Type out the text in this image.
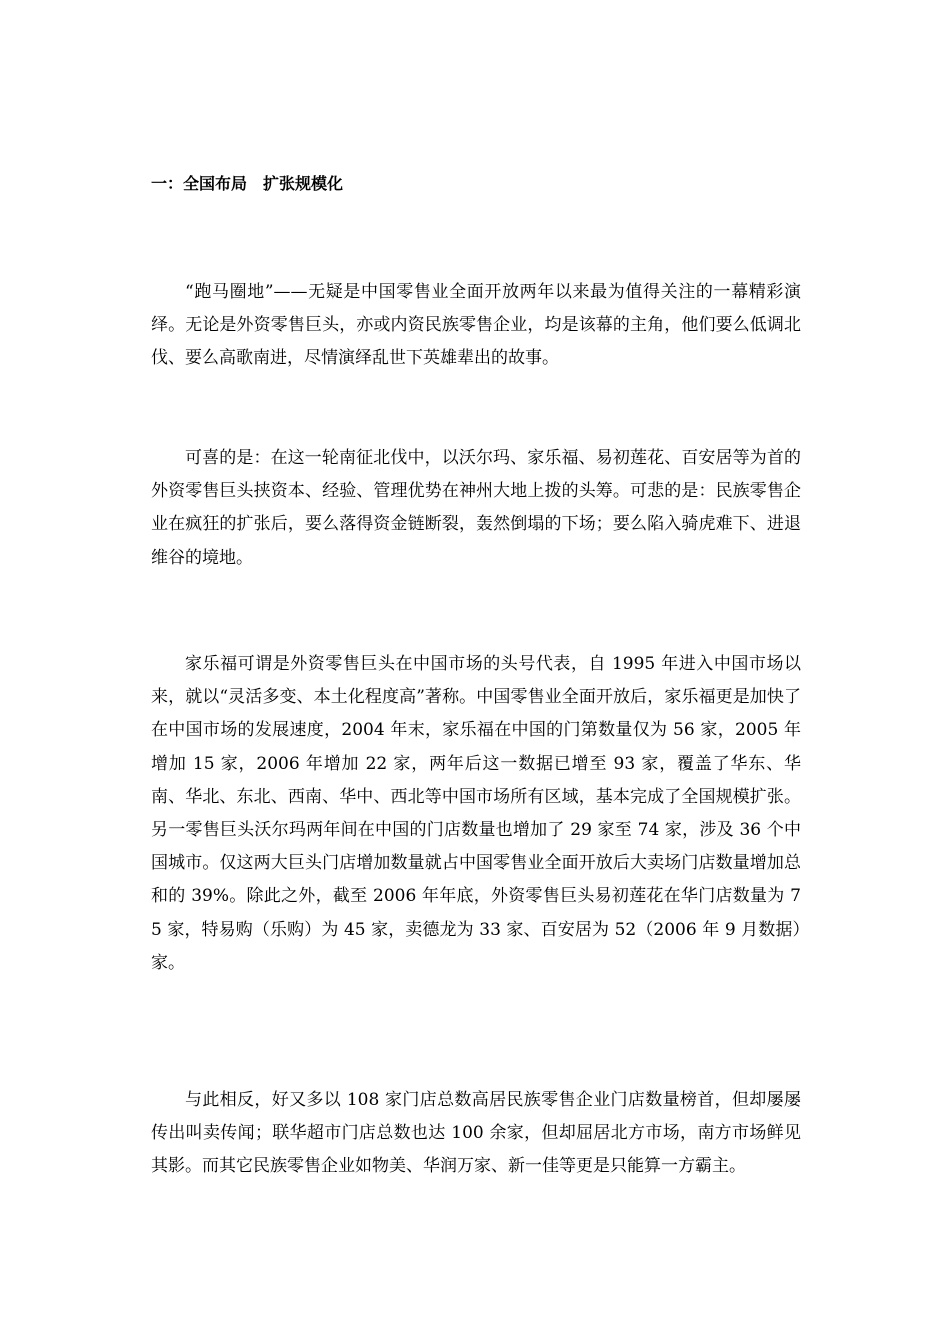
一：全国布局　扩张规模化

“跑马圈地”——无疑是中国零售业全面开放两年以来最为值得关注的一幕精彩演绎。无论是外资零售巨头，亦或内资民族零售企业，均是该幕的主角，他们要么低调北伐、要么高歌南进，尽情演绎乱世下英雄辈出的故事。

可喜的是：在这一轮南征北伐中，以沃尔玛、家乐福、易初莲花、百安居等为首的外资零售巨头挟资本、经验、管理优势在神州大地上拨的头筹。可悲的是：民族零售企业在疯狂的扩张后，要么落得资金链断裂，轰然倒塌的下场；要么陷入骑虎难下、进退维谷的境地。

家乐福可谓是外资零售巨头在中国市场的头号代表，自 1995 年进入中国市场以来，就以“灵活多变、本土化程度高”著称。中国零售业全面开放后，家乐福更是加快了在中国市场的发展速度，2004 年末，家乐福在中国的门第数量仅为 56 家，2005 年增加 15 家，2006 年增加 22 家，两年后这一数据已增至 93 家，覆盖了华东、华南、华北、东北、西南、华中、西北等中国市场所有区域，基本完成了全国规模扩张。另一零售巨头沃尔玛两年间在中国的门店数量也增加了 29 家至 74 家，涉及 36 个中国城市。仅这两大巨头门店增加数量就占中国零售业全面开放后大卖场门店数量增加总和的 39%。除此之外，截至 2006 年年底，外资零售巨头易初莲花在华门店数量为 75 家，特易购（乐购）为 45 家，卖德龙为 33 家、百安居为 52（2006 年 9 月数据）家。

与此相反，好又多以 108 家门店总数高居民族零售企业门店数量榜首，但却屡屡传出叫卖传闻；联华超市门店总数也达 100 余家，但却屈居北方市场，南方市场鲜见其影。而其它民族零售企业如物美、华润万家、新一佳等更是只能算一方霸主。
